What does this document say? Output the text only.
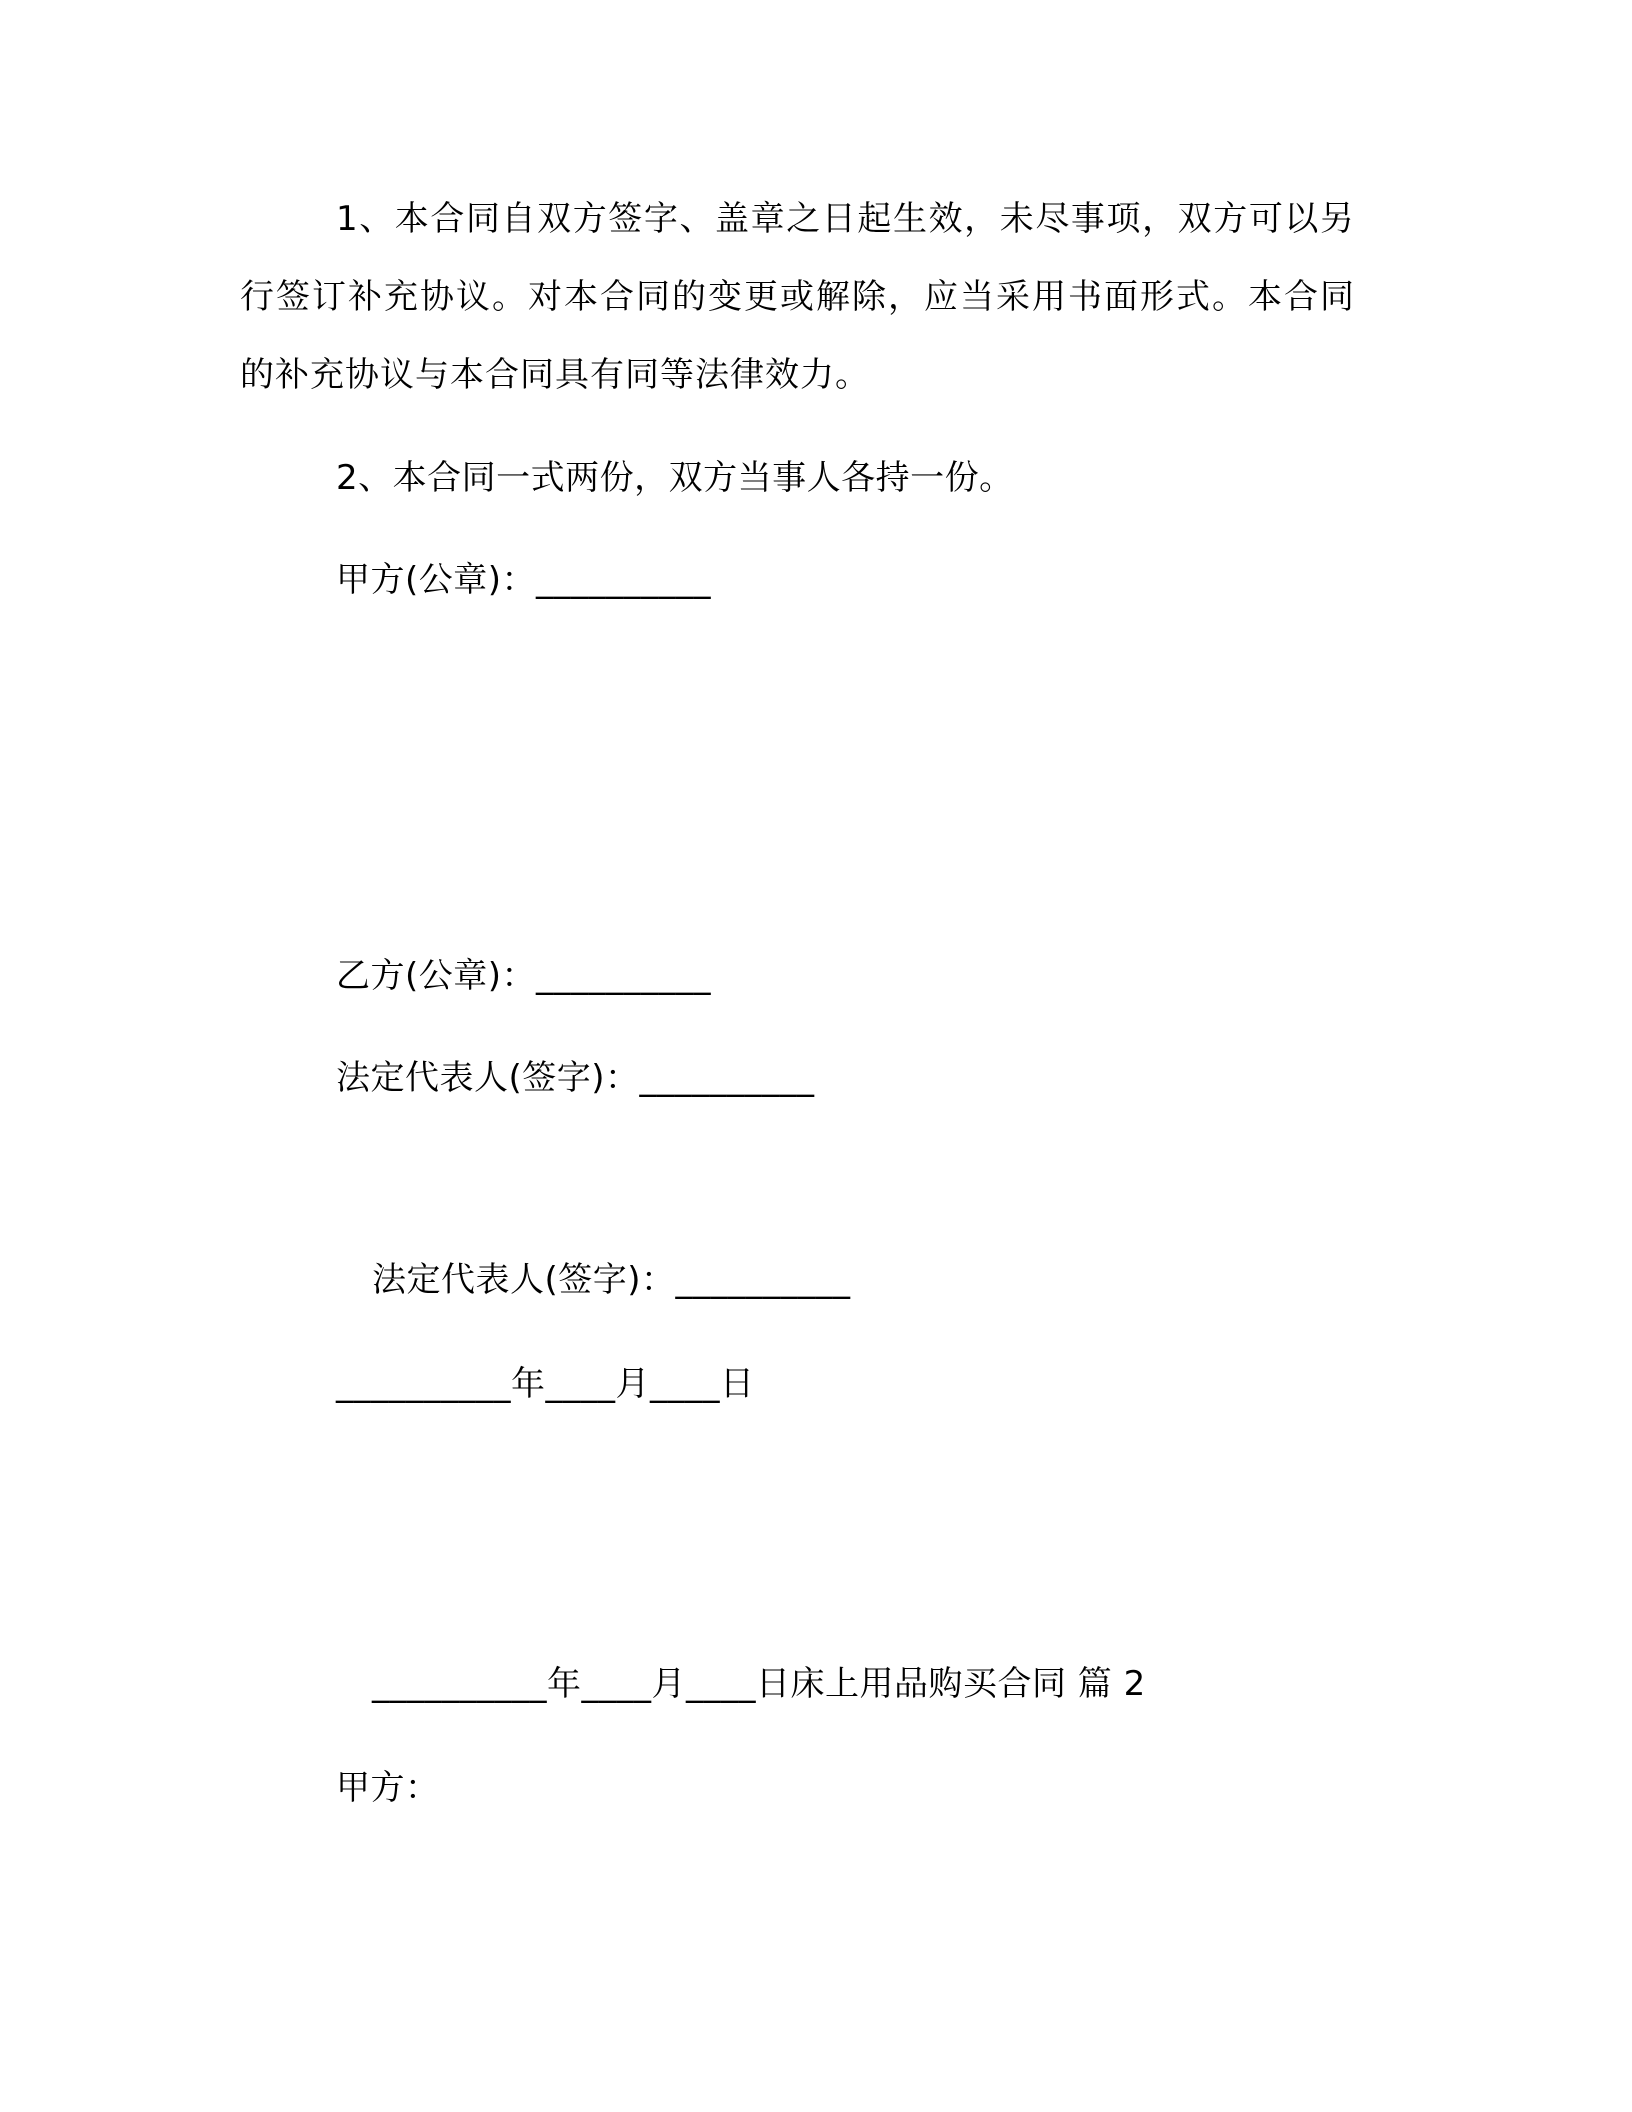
1、本合同自双方签字、盖章之日起生效，未尽事项，双方可以另行签订补充协议。对本合同的变更或解除，应当采用书面形式。本合同的补充协议与本合同具有同等法律效力。
2、本合同一式两份，双方当事人各持一份。
甲方(公章)：__________
乙方(公章)：__________
法定代表人(签字)：__________
法定代表人(签字)：__________
__________年____月____日
__________年____月____日床上用品购买合同 篇 2
甲方：
